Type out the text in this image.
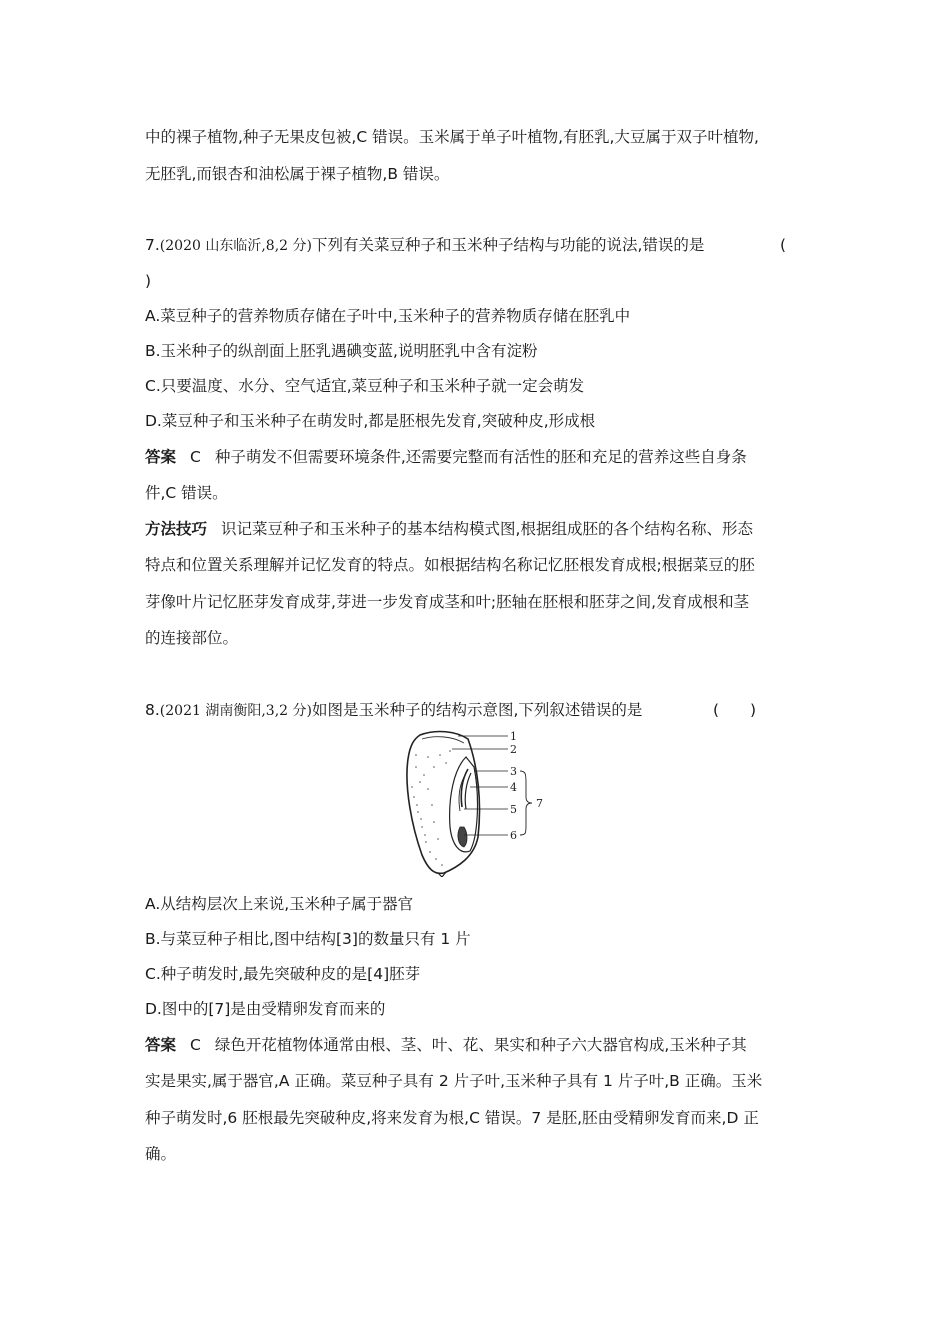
中的裸子植物,种子无果皮包被,C 错误。玉米属于单子叶植物,有胚乳,大豆属于双子叶植物,
无胚乳,而银杏和油松属于裸子植物,B 错误。
7.(2020 山东临沂,8,2 分)下列有关菜豆种子和玉米种子结构与功能的说法,错误的是	(
)
A.菜豆种子的营养物质存储在子叶中,玉米种子的营养物质存储在胚乳中
B.玉米种子的纵剖面上胚乳遇碘变蓝,说明胚乳中含有淀粉
C.只要温度、水分、空气适宜,菜豆种子和玉米种子就一定会萌发
D.菜豆种子和玉米种子在萌发时,都是胚根先发育,突破种皮,形成根
答案 C 种子萌发不但需要环境条件,还需要完整而有活性的胚和充足的营养这些自身条
件,C 错误。
方法技巧 识记菜豆种子和玉米种子的基本结构模式图,根据组成胚的各个结构名称、形态
特点和位置关系理解并记忆发育的特点。如根据结构名称记忆胚根发育成根;根据菜豆的胚
芽像叶片记忆胚芽发育成芽,芽进一步发育成茎和叶;胚轴在胚根和胚芽之间,发育成根和茎
的连接部位。
8.(2021 湖南衡阳,3,2 分)如图是玉米种子的结构示意图,下列叙述错误的是	(　　)
1
2
3
4
5
6
7
A.从结构层次上来说,玉米种子属于器官
B.与菜豆种子相比,图中结构[3]的数量只有 1 片
C.种子萌发时,最先突破种皮的是[4]胚芽
D.图中的[7]是由受精卵发育而来的
答案 C 绿色开花植物体通常由根、茎、叶、花、果实和种子六大器官构成,玉米种子其
实是果实,属于器官,A 正确。菜豆种子具有 2 片子叶,玉米种子具有 1 片子叶,B 正确。玉米
种子萌发时,6 胚根最先突破种皮,将来发育为根,C 错误。7 是胚,胚由受精卵发育而来,D 正
确。
